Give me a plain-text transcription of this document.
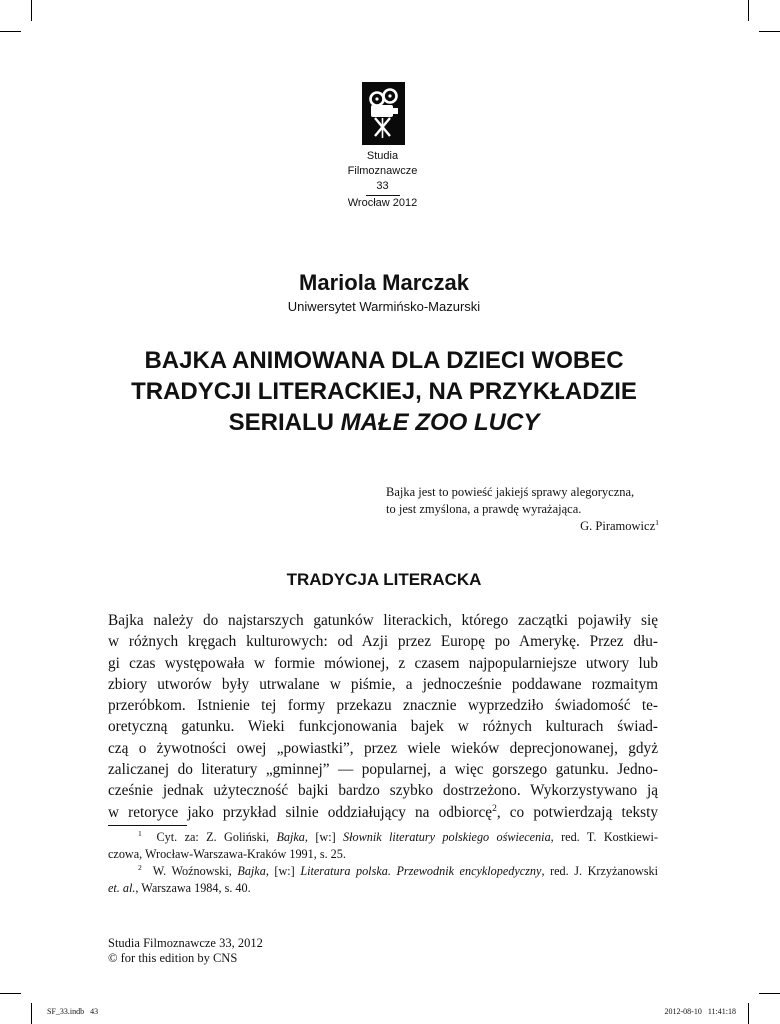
Studia
Filmoznawcze
33
Wrocław 2012
Mariola Marczak
Uniwersytet Warmińsko-Mazurski
BAJKA ANIMOWANA DLA DZIECI WOBEC
TRADYCJI LITERACKIEJ, NA PRZYKŁADZIE
SERIALU MAŁE ZOO LUCY
Bajka jest to powieść jakiejś sprawy alegoryczna,
to jest zmyślona, a prawdę wyrażająca.
G. Piramowicz$^1$
TRADYCJA LITERACKA
Bajka należy do najstarszych gatunków literackich, którego zaczątki pojawiły się
w różnych kręgach kulturowych: od Azji przez Europę po Amerykę. Przez dłu-
gi czas występowała w formie mówionej, z czasem najpopularniejsze utwory lub
zbiory utworów były utrwalane w piśmie, a jednocześnie poddawane rozmaitym
przeróbkom. Istnienie tej formy przekazu znacznie wyprzedziło świadomość te-
oretyczną gatunku. Wieki funkcjonowania bajek w różnych kulturach świad-
czą o żywotności owej „powiastki”, przez wiele wieków deprecjonowanej, gdyż
zaliczanej do literatury „gminnej” — popularnej, a więc gorszego gatunku. Jedno-
cześnie jednak użyteczność bajki bardzo szybko dostrzeżono. Wykorzystywano ją
w retoryce jako przykład silnie oddziałujący na odbiorcę$^2$, co potwierdzają teksty
$^1$ Cyt. za: Z. Goliński, Bajka, [w:] Słownik literatury polskiego oświecenia, red. T. Kostkiewi-
czowa, Wrocław-Warszawa-Kraków 1991, s. 25.
$^2$ W. Woźnowski, Bajka, [w:] Literatura polska. Przewodnik encyklopedyczny, red. J. Krzyżanowski
et. al., Warszawa 1984, s. 40.
Studia Filmoznawcze 33, 2012
© for this edition by CNS
SF_33.indb   43	2012-08-10   11:41:18
